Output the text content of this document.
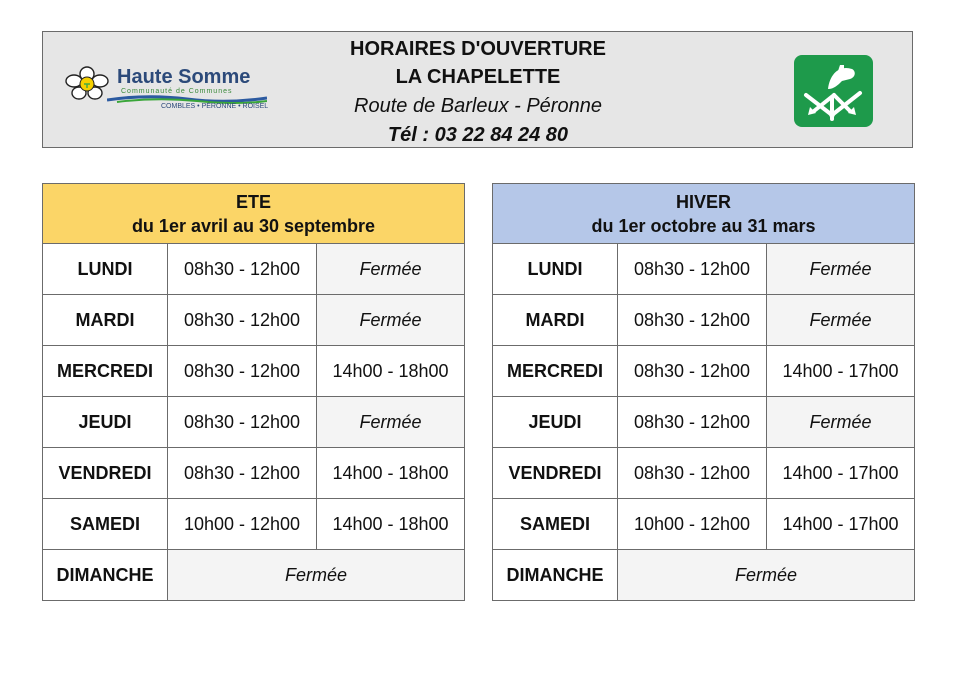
Haute Somme
Communauté de Communes
COMBLES • PÉRONNE • ROISEL
HORAIRES D'OUVERTURE
LA CHAPELETTE
Route de Barleux - Péronne
Tél : 03 22 84 24 80
ETE
du 1er avril au 30 septembre		

LUNDI	08h30 - 12h00	Fermée
MARDI	08h30 - 12h00	Fermée
MERCREDI	08h30 - 12h00	14h00 - 18h00
JEUDI	08h30 - 12h00	Fermée
VENDREDI	08h30 - 12h00	14h00 - 18h00
SAMEDI	10h00 - 12h00	14h00 - 18h00
DIMANCHE	Fermée	
HIVER
du 1er octobre au 31 mars		

LUNDI	08h30 - 12h00	Fermée
MARDI	08h30 - 12h00	Fermée
MERCREDI	08h30 - 12h00	14h00 - 17h00
JEUDI	08h30 - 12h00	Fermée
VENDREDI	08h30 - 12h00	14h00 - 17h00
SAMEDI	10h00 - 12h00	14h00 - 17h00
DIMANCHE	Fermée	
